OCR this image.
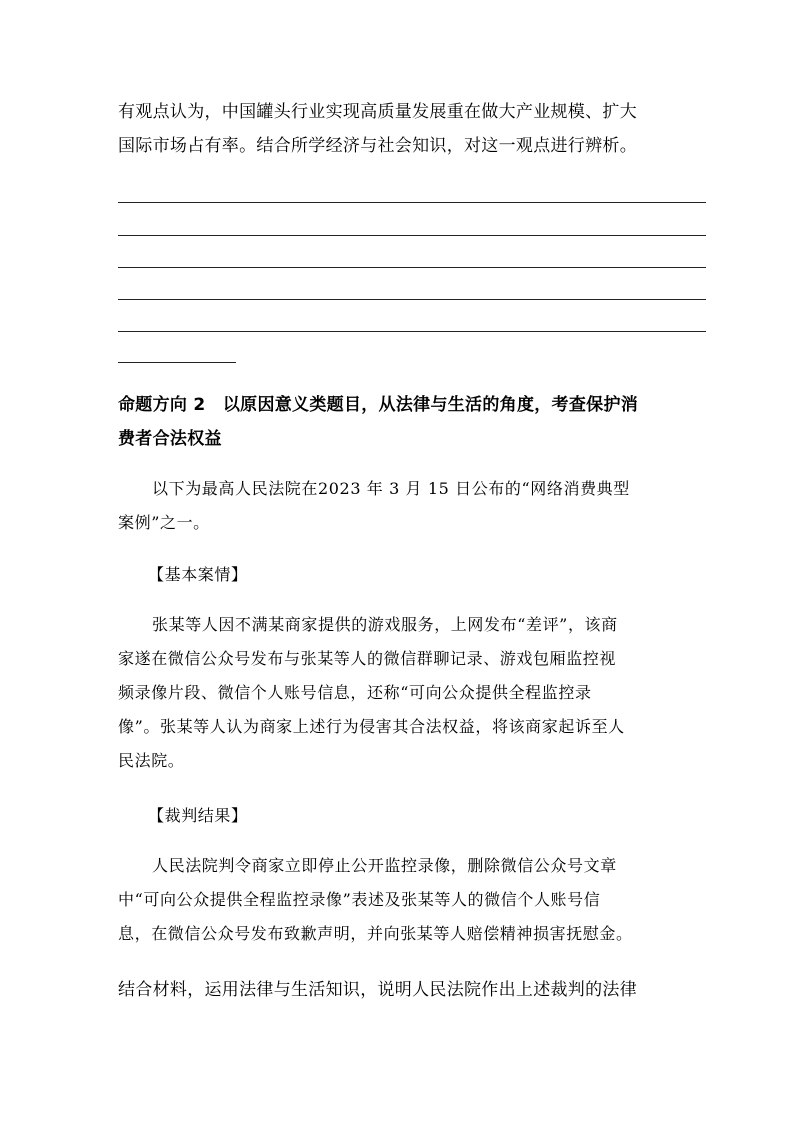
有观点认为，中国罐头行业实现高质量发展重在做大产业规模、扩大
国际市场占有率。结合所学经济与社会知识，对这一观点进行辨析。
命题方向 2　以原因意义类题目，从法律与生活的角度，考查保护消
费者合法权益
以下为最高人民法院在2023 年 3 月 15 日公布的“网络消费典型
案例”之一。
【基本案情】
张某等人因不满某商家提供的游戏服务，上网发布“差评”，该商
家遂在微信公众号发布与张某等人的微信群聊记录、游戏包厢监控视
频录像片段、微信个人账号信息，还称“可向公众提供全程监控录
像”。张某等人认为商家上述行为侵害其合法权益，将该商家起诉至人
民法院。
【裁判结果】
人民法院判令商家立即停止公开监控录像，删除微信公众号文章
中“可向公众提供全程监控录像”表述及张某等人的微信个人账号信
息，在微信公众号发布致歉声明，并向张某等人赔偿精神损害抚慰金。
结合材料，运用法律与生活知识，说明人民法院作出上述裁判的法律
